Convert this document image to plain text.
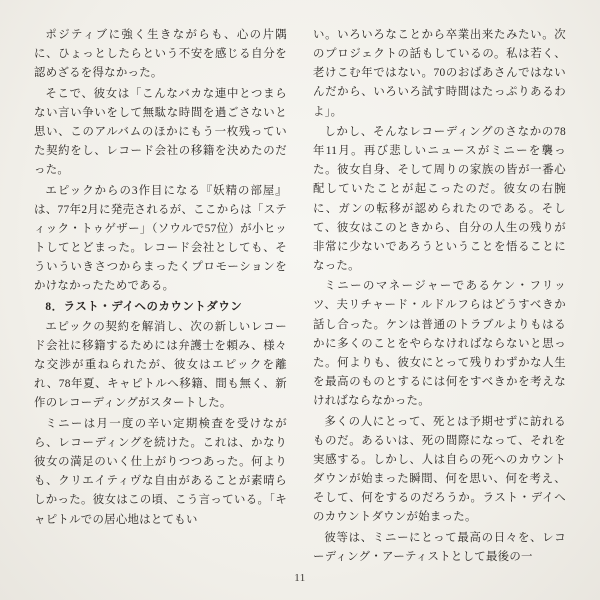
ポジティブに強く生きながらも、心の片隅に、ひょっとしたらという不安を感じる自分を認めざるを得なかった。

そこで、彼女は「こんなバカな連中とつまらない言い争いをして無駄な時間を過ごさないと思い、このアルバムのほかにもう一枚残っていた契約をし、レコード会社の移籍を決めたのだった。

エピックからの3作目になる『妖精の部屋』は、77年2月に発売されるが、ここからは「スティック・トゥゲザー」（ソウルで57位）が小ヒットしてとどまった。レコード会社としても、そういういきさつからまったくプロモーションをかけなかったためである。

8．ラスト・デイへのカウントダウン

エピックの契約を解消し、次の新しいレコード会社に移籍するためには弁護士を頼み、様々な交渉が重ねられたが、彼女はエピックを離れ、78年夏、キャピトルへ移籍、間も無く、新作のレコーディングがスタートした。

ミニーは月一度の辛い定期検査を受けながら、レコーディングを続けた。これは、かなり彼女の満足のいく仕上がりつつあった。何よりも、クリエイティヴな自由があることが素晴らしかった。彼女はこの頃、こう言っている。「キャピトルでの居心地はとてもい

い。いろいろなことから卒業出来たみたい。次のプロジェクトの話もしているの。私は若く、老けこむ年ではない。70のおばあさんではないんだから、いろいろ試す時間はたっぷりあるわよ」。

しかし、そんなレコーディングのさなかの78年11月。再び悲しいニュースがミニーを襲った。彼女自身、そして周りの家族の皆が一番心配していたことが起こったのだ。彼女の右腕に、ガンの転移が認められたのである。そして、彼女はこのときから、自分の人生の残りが非常に少ないであろうということを悟ることになった。

ミニーのマネージャーであるケン・フリッツ、夫リチャード・ルドルフらはどうすべきか話し合った。ケンは普通のトラブルよりもはるかに多くのことをやらなければならないと思った。何よりも、彼女にとって残りわずかな人生を最高のものとするには何をすべきかを考えなければならなかった。

多くの人にとって、死とは予期せずに訪れるものだ。あるいは、死の間際になって、それを実感する。しかし、人は自らの死へのカウントダウンが始まった瞬間、何を思い、何を考え、そして、何をするのだろうか。ラスト・デイへのカウントダウンが始まった。

彼等は、ミニーにとって最高の日々を、レコーディング・アーティストとして最後の一

11
